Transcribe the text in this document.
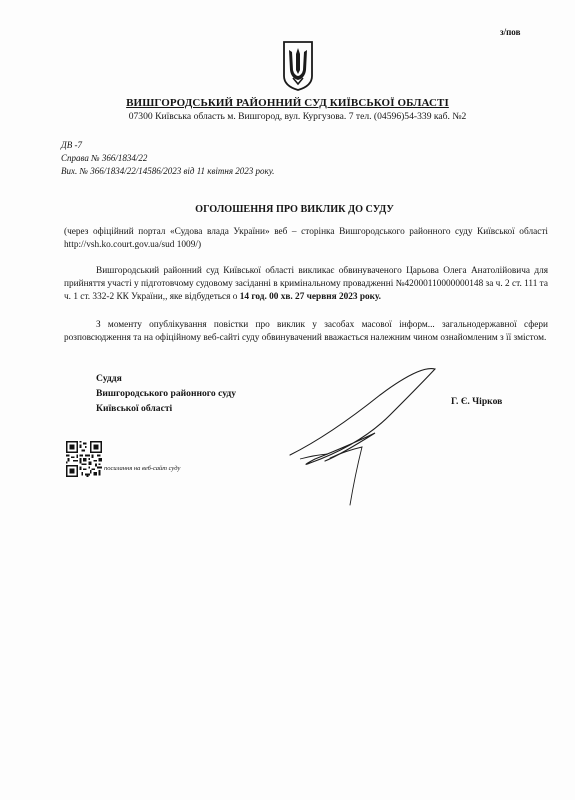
з/пов
ВИШГОРОДСЬКИЙ РАЙОННИЙ СУД КИЇВСЬКОЇ ОБЛАСТІ
07300 Київська область м. Вишгород, вул. Кургузова. 7 тел. (04596)54-339 каб. №2
ДВ -7
Справа № 366/1834/22
Вих. № 366/1834/22/14586/2023 від 11 квітня 2023 року.
ОГОЛОШЕННЯ ПРО ВИКЛИК ДО СУДУ
(через офіційний портал «Судова влада України» веб – сторінка Вишгородського районного суду Київської області http://vsh.ko.court.gov.ua/sud 1009/)
Вишгородський районний суд Київської області викликає обвинуваченого Царьова Олега Анатолійовича для прийняття участі у підготовчому судовому засіданні в кримінальному провадженні №42000110000000148 за ч. 2 ст. 111 та ч. 1 ст. 332-2 КК України,, яке відбудеться о 14 год. 00 хв. 27 червня 2023 року.
З моменту опублікування повістки про виклик у засобах масової інформ... загальнодержавної сфери розповсюдження та на офіційному веб-сайті суду обвинувачений вважається належним чином ознайомленим з її змістом.
Суддя
Вишгородського районного суду
Київської області
Г. Є. Чірков
посилання на веб-сайт суду
